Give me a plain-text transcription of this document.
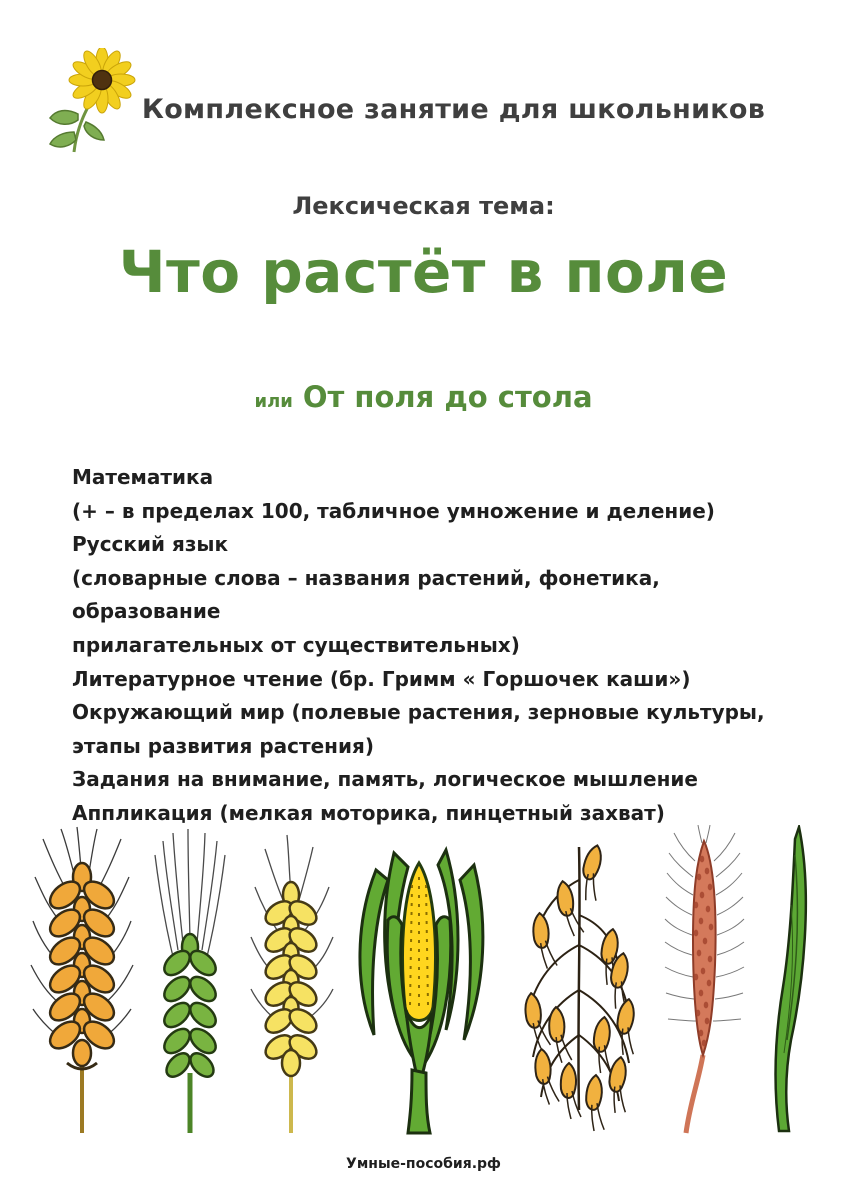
Комплексное занятие для школьников
Лексическая тема:
Что растёт в поле
или От поля до стола
Математика
(+ – в пределах 100, табличное умножение и деление)
Русский язык
(словарные слова – названия растений, фонетика, образование
прилагательных от существительных)
Литературное чтение (бр. Гримм « Горшочек каши»)
Окружающий мир (полевые растения, зерновые культуры,
этапы развития растения)
Задания на внимание, память, логическое мышление
Аппликация (мелкая моторика, пинцетный захват)
Умные-пособия.рф
